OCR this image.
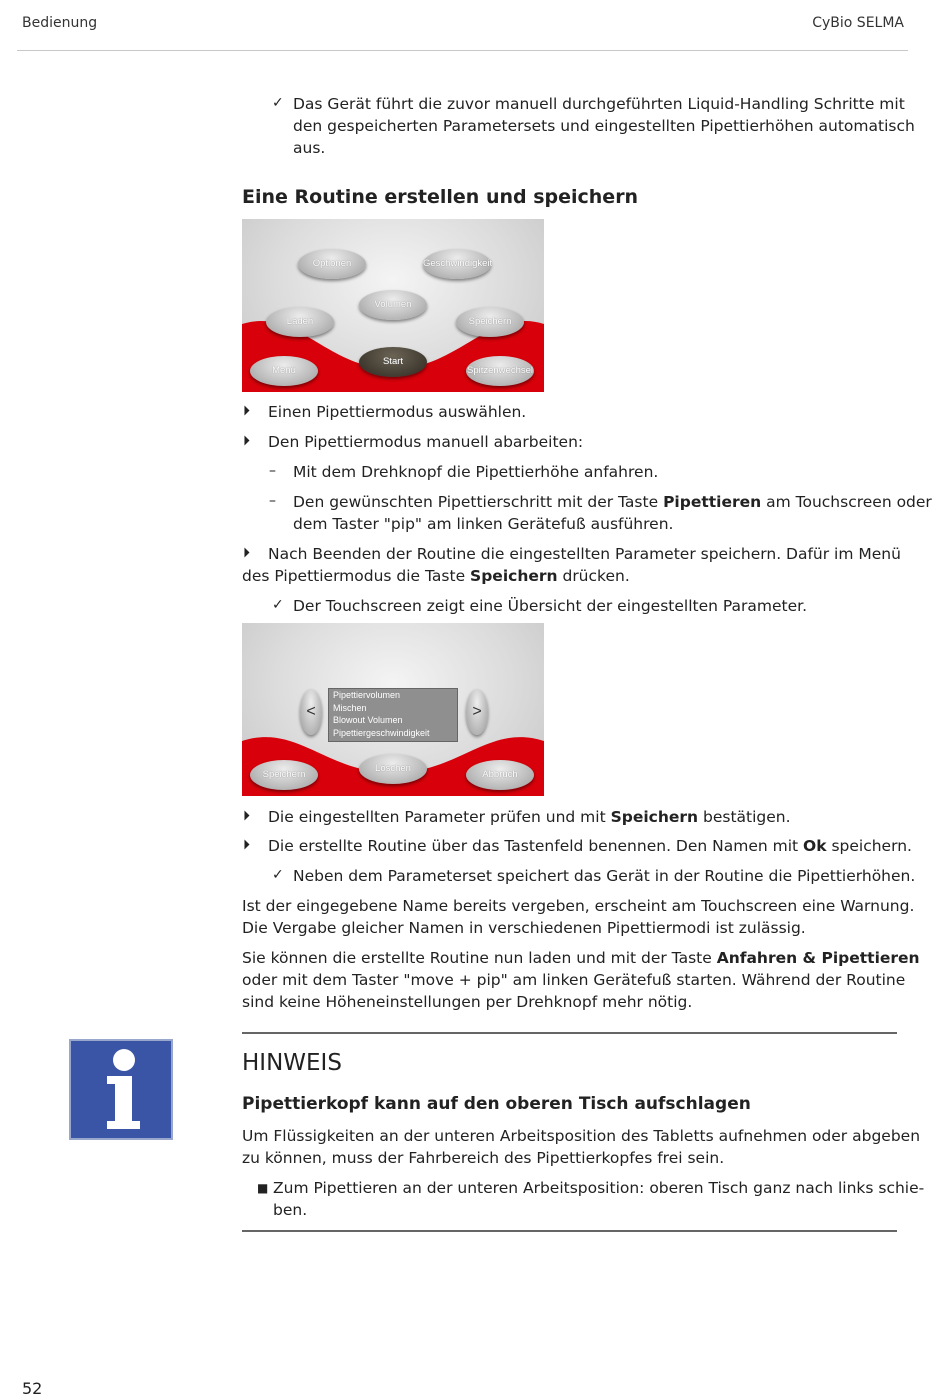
Bedienung	CyBio SELMA
✓ Das Gerät führt die zuvor manuell durchgeführten Liquid-Handling Schritte mit
den gespeicherten Parametersets und eingestellten Pipettierhöhen automatisch
aus.
Eine Routine erstellen und speichern
Optionen	Geschwindigkeit
Volumen
Laden	Speichern
Start
Menü	Spitzenwechsel
⏵ Einen Pipettiermodus auswählen.
⏵ Den Pipettiermodus manuell abarbeiten:
– Mit dem Drehknopf die Pipettierhöhe anfahren.
– Den gewünschten Pipettierschritt mit der Taste Pipettieren am Touchscreen oder
dem Taster "pip" am linken Gerätefuß ausführen.
⏵ Nach Beenden der Routine die eingestellten Parameter speichern. Dafür im Menü
des Pipettiermodus die Taste Speichern drücken.
✓ Der Touchscreen zeigt eine Übersicht der eingestellten Parameter.
<
Pipettiervolumen
Mischen
Blowout Volumen
Pipettiergeschwindigkeit
>
Löschen
Speichern	Abbruch
⏵ Die eingestellten Parameter prüfen und mit Speichern bestätigen.
⏵ Die erstellte Routine über das Tastenfeld benennen. Den Namen mit Ok speichern.
✓ Neben dem Parameterset speichert das Gerät in der Routine die Pipettierhöhen.
Ist der eingegebene Name bereits vergeben, erscheint am Touchscreen eine Warnung.
Die Vergabe gleicher Namen in verschiedenen Pipettiermodi ist zulässig.
Sie können die erstellte Routine nun laden und mit der Taste Anfahren & Pipettieren
oder mit dem Taster "move + pip" am linken Gerätefuß starten. Während der Routine
sind keine Höheneinstellungen per Drehknopf mehr nötig.
HINWEIS
Pipettierkopf kann auf den oberen Tisch aufschlagen
Um Flüssigkeiten an der unteren Arbeitsposition des Tabletts aufnehmen oder abgeben
zu können, muss der Fahrbereich des Pipettierkopfes frei sein.
■ Zum Pipettieren an der unteren Arbeitsposition: oberen Tisch ganz nach links schie-
ben.
52
